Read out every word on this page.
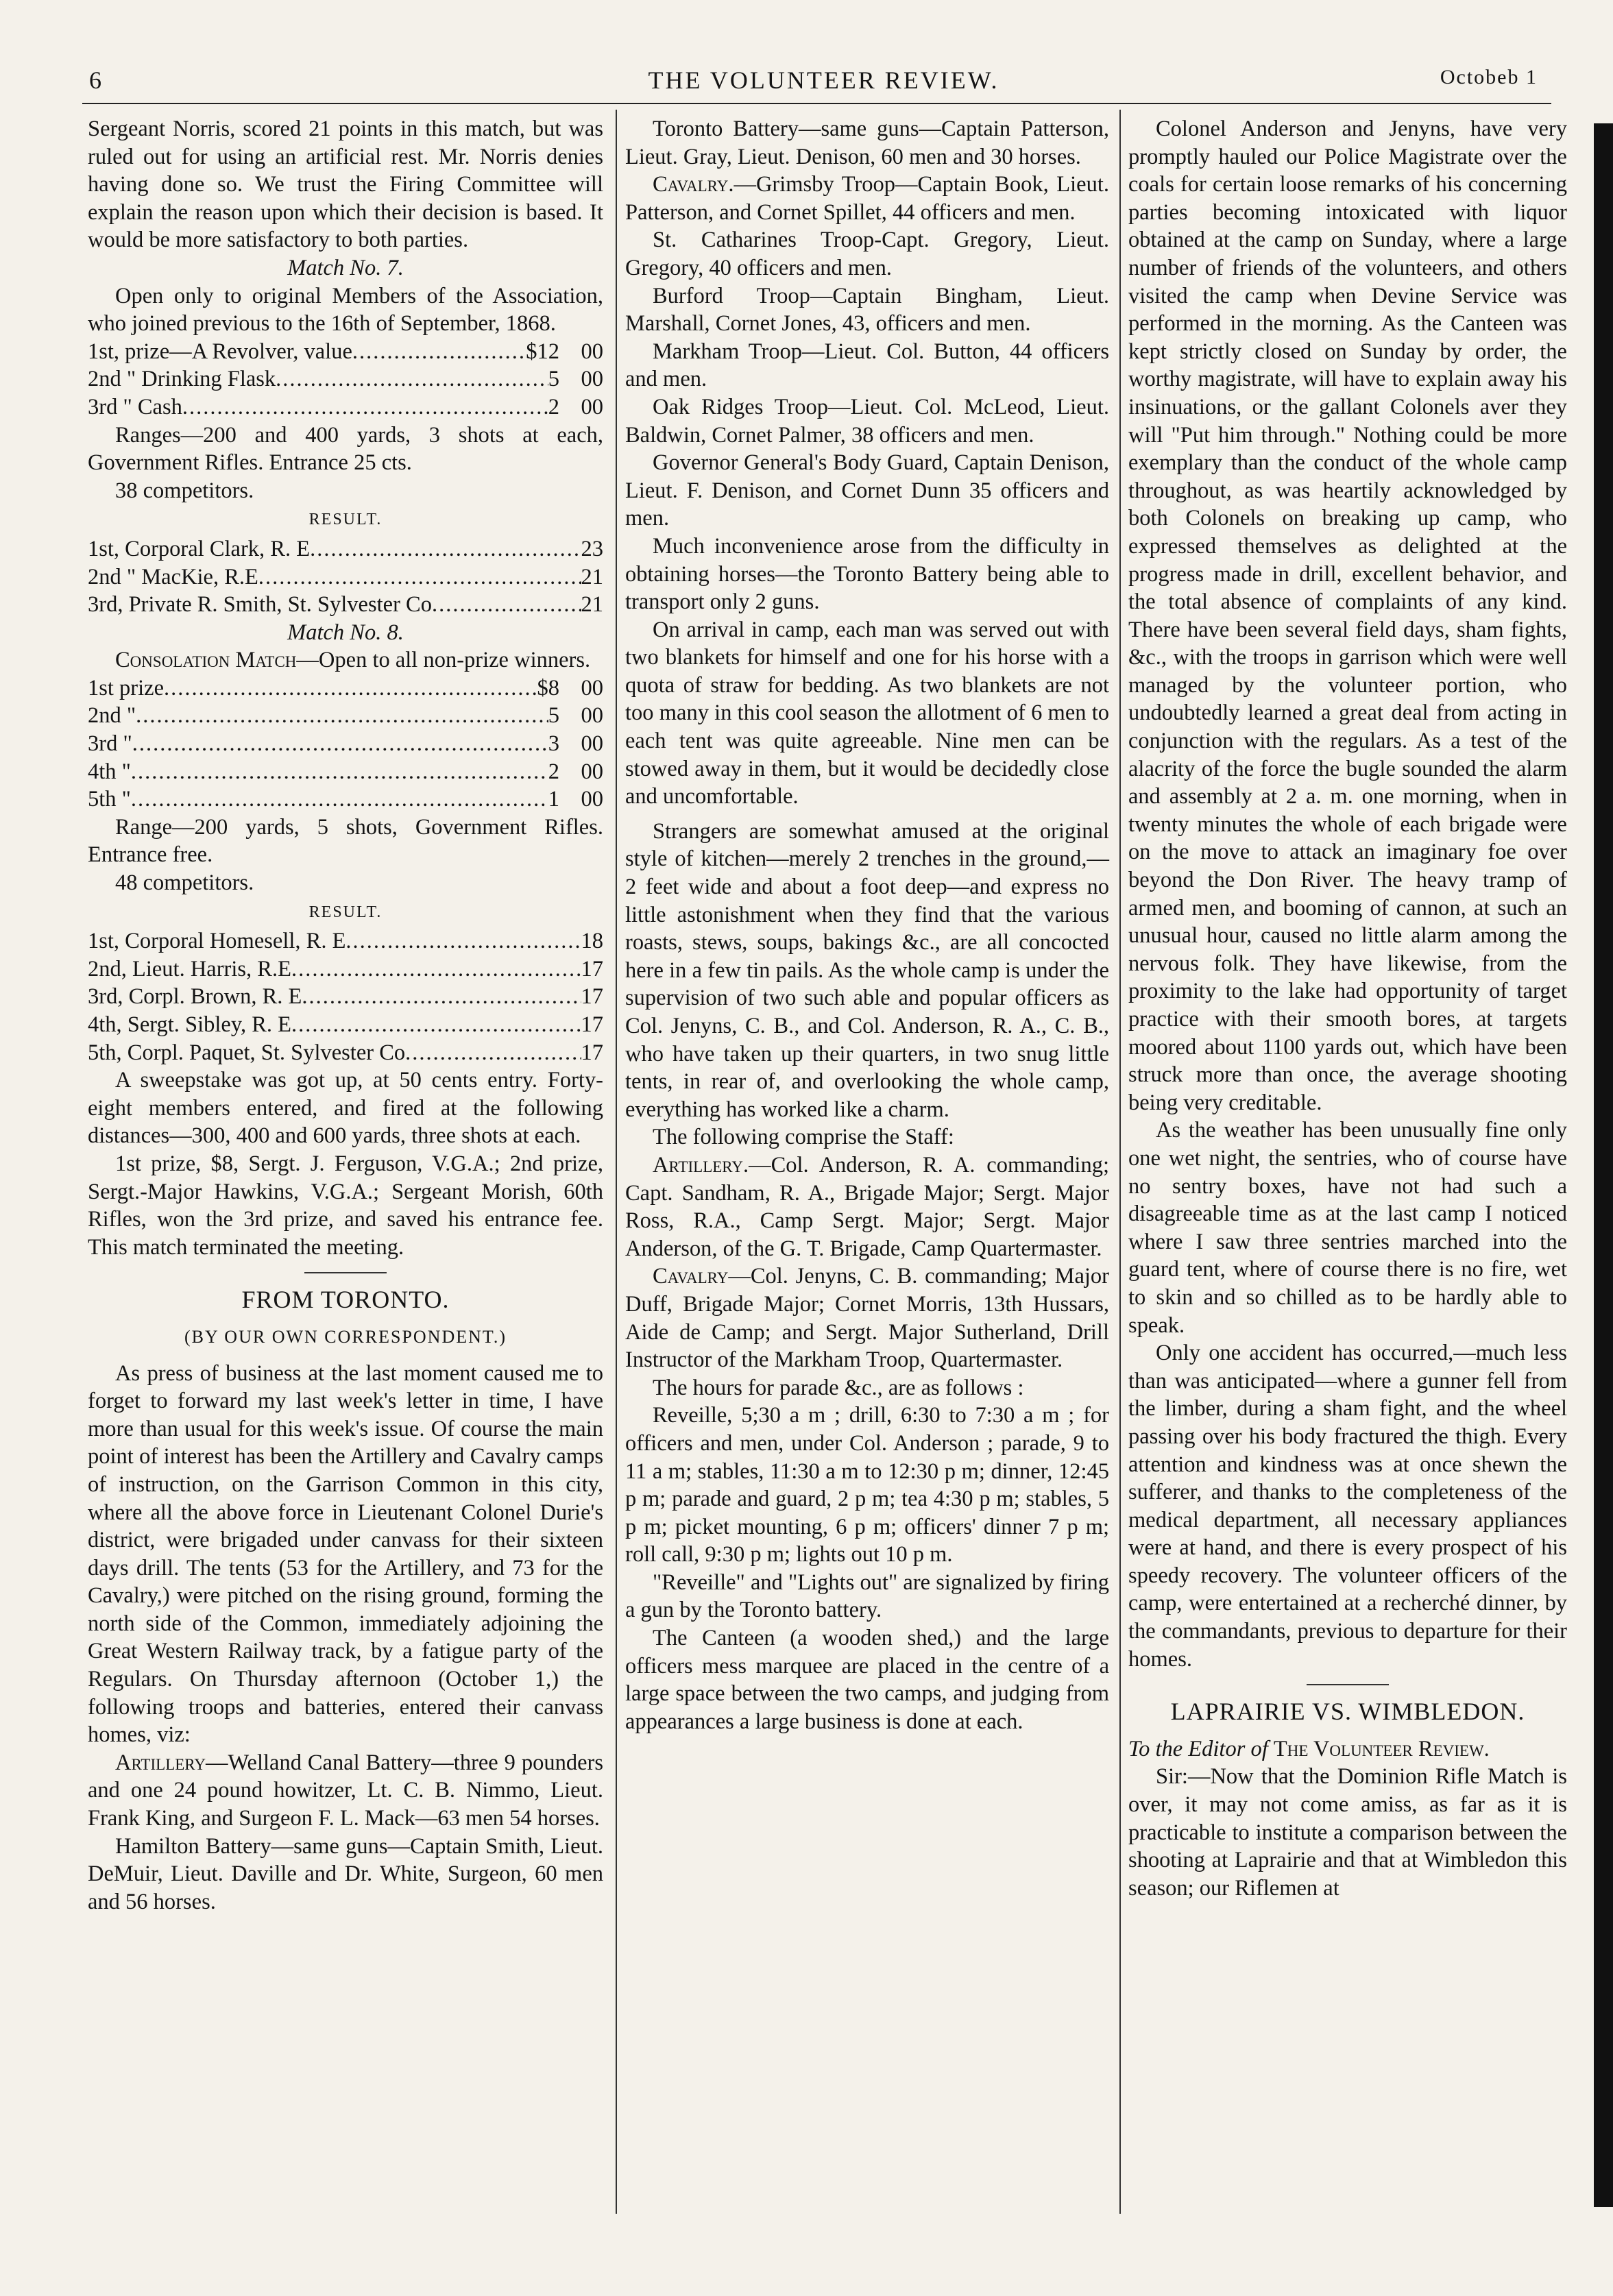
6	THE VOLUNTEER REVIEW.	Octobeb 1

Sergeant Norris, scored 21 points in this match, but was ruled out for using an artificial rest. Mr. Norris denies having done so. We trust the Firing Committee will explain the reason upon which their decision is based. It would be more satisfactory to both parties.

Match No. 7.

Open only to original Members of the Association, who joined previous to the 16th of September, 1868.

1st, prize—A Revolver, value .....	$12 00
2nd " Drinking Flask .....	5 00
3rd " Cash .....	2 00

Ranges—200 and 400 yards, 3 shots at each, Government Rifles. Entrance 25 cts.

38 competitors.

RESULT.

1st, Corporal Clark, R. E .....	23
2nd " MacKie, R.E .....	21
3rd, Private R. Smith, St. Sylvester Co .....	21

Match No. 8.

Consolation Match—Open to all non-prize winners.

1st prize .....	$8 00
2nd " .....	5 00
3rd " .....	3 00
4th " .....	2 00
5th " .....	1 00

Range—200 yards, 5 shots, Government Rifles. Entrance free.

48 competitors.

RESULT.

1st, Corporal Homesell, R. E .....	18
2nd, Lieut. Harris, R.E .....	17
3rd, Corpl. Brown, R. E .....	17
4th, Sergt. Sibley, R. E .....	17
5th, Corpl. Paquet, St. Sylvester Co .....	17

A sweepstake was got up, at 50 cents entry. Forty-eight members entered, and fired at the following distances—300, 400 and 600 yards, three shots at each.

1st prize, $8, Sergt. J. Ferguson, V.G.A.; 2nd prize, Sergt.-Major Hawkins, V.G.A.; Sergeant Morish, 60th Rifles, won the 3rd prize, and saved his entrance fee. This match terminated the meeting.

FROM TORONTO.

(BY OUR OWN CORRESPONDENT.)

As press of business at the last moment caused me to forget to forward my last week's letter in time, I have more than usual for this week's issue. Of course the main point of interest has been the Artillery and Cavalry camps of instruction, on the Garrison Common in this city, where all the above force in Lieutenant Colonel Durie's district, were brigaded under canvass for their sixteen days drill. The tents (53 for the Artillery, and 73 for the Cavalry,) were pitched on the rising ground, forming the north side of the Common, immediately adjoining the Great Western Railway track, by a fatigue party of the Regulars. On Thursday afternoon (October 1,) the following troops and batteries, entered their canvass homes, viz:

Artillery—Welland Canal Battery—three 9 pounders and one 24 pound howitzer, Lt. C. B. Nimmo, Lieut. Frank King, and Surgeon F. L. Mack—63 men 54 horses.

Hamilton Battery—same guns—Captain Smith, Lieut. DeMuir, Lieut. Daville and Dr. White, Surgeon, 60 men and 56 horses.

Toronto Battery—same guns—Captain Patterson, Lieut. Gray, Lieut. Denison, 60 men and 30 horses.

Cavalry.—Grimsby Troop—Captain Book, Lieut. Patterson, and Cornet Spillet, 44 officers and men.

St. Catharines Troop-Capt. Gregory, Lieut. Gregory, 40 officers and men.

Burford Troop—Captain Bingham, Lieut. Marshall, Cornet Jones, 43, officers and men.

Markham Troop—Lieut. Col. Button, 44 officers and men.

Oak Ridges Troop—Lieut. Col. McLeod, Lieut. Baldwin, Cornet Palmer, 38 officers and men.

Governor General's Body Guard, Captain Denison, Lieut. F. Denison, and Cornet Dunn 35 officers and men.

Much inconvenience arose from the difficulty in obtaining horses—the Toronto Battery being able to transport only 2 guns.

On arrival in camp, each man was served out with two blankets for himself and one for his horse with a quota of straw for bedding. As two blankets are not too many in this cool season the allotment of 6 men to each tent was quite agreeable. Nine men can be stowed away in them, but it would be decidedly close and uncomfortable.

Strangers are somewhat amused at the original style of kitchen—merely 2 trenches in the ground,— 2 feet wide and about a foot deep—and express no little astonishment when they find that the various roasts, stews, soups, bakings &c., are all concocted here in a few tin pails. As the whole camp is under the supervision of two such able and popular officers as Col. Jenyns, C. B., and Col. Anderson, R. A., C. B., who have taken up their quarters, in two snug little tents, in rear of, and overlooking the whole camp, everything has worked like a charm.

The following comprise the Staff:

Artillery.—Col. Anderson, R. A. commanding; Capt. Sandham, R. A., Brigade Major; Sergt. Major Ross, R.A., Camp Sergt. Major; Sergt. Major Anderson, of the G. T. Brigade, Camp Quartermaster.

Cavalry—Col. Jenyns, C. B. commanding; Major Duff, Brigade Major; Cornet Morris, 13th Hussars, Aide de Camp; and Sergt. Major Sutherland, Drill Instructor of the Markham Troop, Quartermaster.

The hours for parade &c., are as follows :

Reveille, 5;30 a m ; drill, 6:30 to 7:30 a m ; for officers and men, under Col. Anderson ; parade, 9 to 11 a m; stables, 11:30 a m to 12:30 p m; dinner, 12:45 p m; parade and guard, 2 p m; tea 4:30 p m; stables, 5 p m; picket mounting, 6 p m; officers' dinner 7 p m; roll call, 9:30 p m; lights out 10 p m.

"Reveille" and "Lights out" are signalized by firing a gun by the Toronto battery.

The Canteen (a wooden shed,) and the large officers mess marquee are placed in the centre of a large space between the two camps, and judging from appearances a large business is done at each.

Colonel Anderson and Jenyns, have very promptly hauled our Police Magistrate over the coals for certain loose remarks of his concerning parties becoming intoxicated with liquor obtained at the camp on Sunday, where a large number of friends of the volunteers, and others visited the camp when Devine Service was performed in the morning. As the Canteen was kept strictly closed on Sunday by order, the worthy magistrate, will have to explain away his insinuations, or the gallant Colonels aver they will "Put him through." Nothing could be more exemplary than the conduct of the whole camp throughout, as was heartily acknowledged by both Colonels on breaking up camp, who expressed themselves as delighted at the progress made in drill, excellent behavior, and the total absence of complaints of any kind. There have been several field days, sham fights, &c., with the troops in garrison which were well managed by the volunteer portion, who undoubtedly learned a great deal from acting in conjunction with the regulars. As a test of the alacrity of the force the bugle sounded the alarm and assembly at 2 a. m. one morning, when in twenty minutes the whole of each brigade were on the move to attack an imaginary foe over beyond the Don River. The heavy tramp of armed men, and booming of cannon, at such an unusual hour, caused no little alarm among the nervous folk. They have likewise, from the proximity to the lake had opportunity of target practice with their smooth bores, at targets moored about 1100 yards out, which have been struck more than once, the average shooting being very creditable.

As the weather has been unusually fine only one wet night, the sentries, who of course have no sentry boxes, have not had such a disagreeable time as at the last camp I noticed where I saw three sentries marched into the guard tent, where of course there is no fire, wet to skin and so chilled as to be hardly able to speak.

Only one accident has occurred,—much less than was anticipated—where a gunner fell from the limber, during a sham fight, and the wheel passing over his body fractured the thigh. Every attention and kindness was at once shewn the sufferer, and thanks to the completeness of the medical department, all necessary appliances were at hand, and there is every prospect of his speedy recovery. The volunteer officers of the camp, were entertained at a recherché dinner, by the commandants, previous to departure for their homes.

LAPRAIRIE VS. WIMBLEDON.

To the Editor of The Volunteer Review.

Sir:—Now that the Dominion Rifle Match is over, it may not come amiss, as far as it is practicable to institute a comparison between the shooting at Laprairie and that at Wimbledon this season; our Riflemen at
